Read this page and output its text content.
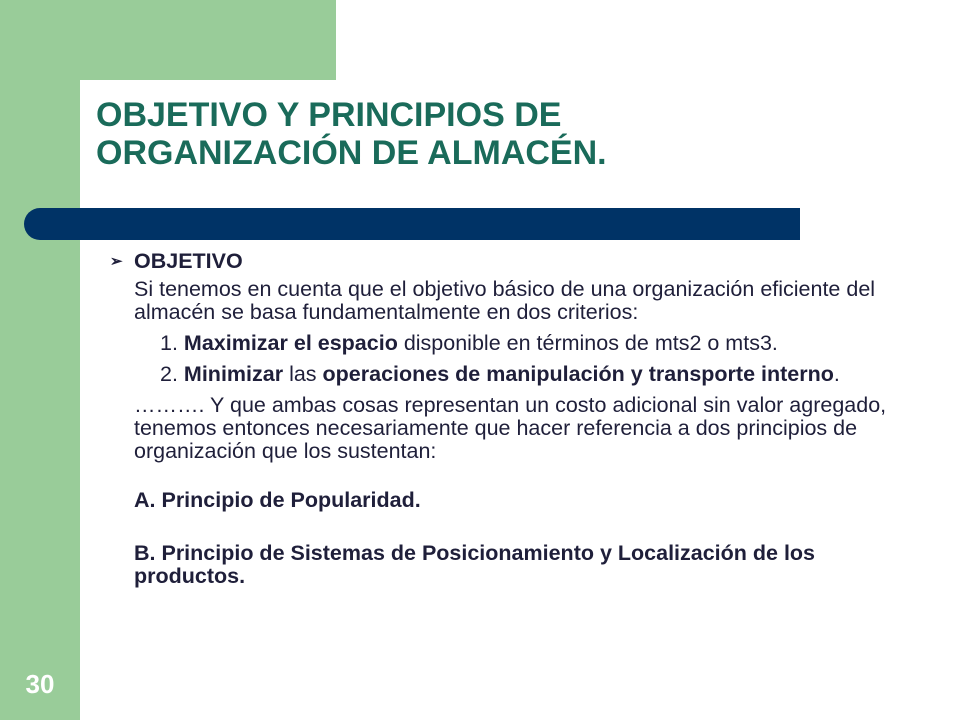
OBJETIVO Y PRINCIPIOS DE
ORGANIZACIÓN DE ALMACÉN.
➢ OBJETIVO

Si tenemos en cuenta que el objetivo básico de una organización eficiente del almacén se basa fundamentalmente en dos criterios:

1. Maximizar el espacio disponible en términos de mts2 o mts3.

2. Minimizar las operaciones de manipulación y transporte interno.

………. Y que ambas cosas representan un costo adicional sin valor agregado, tenemos entonces necesariamente que hacer referencia a dos principios de organización que los sustentan:

A. Principio de Popularidad.

B. Principio de Sistemas de Posicionamiento y Localización de los productos.

30
